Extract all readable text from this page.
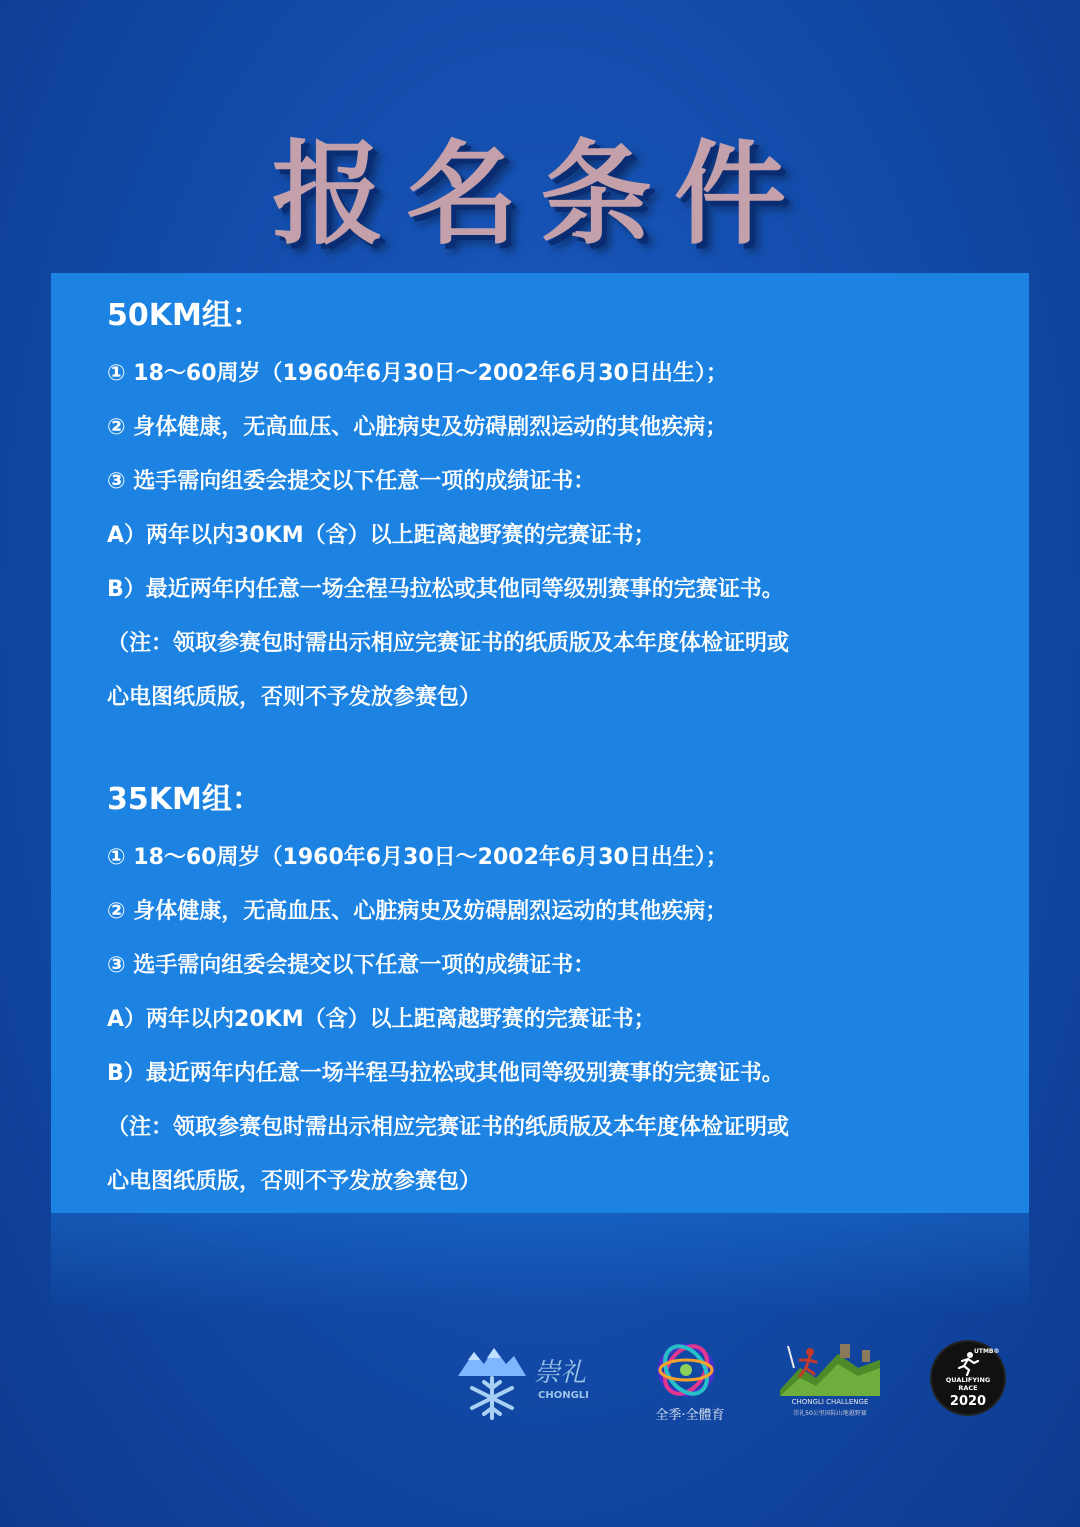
报名条件
50KM组：
① 18～60周岁（1960年6月30日～2002年6月30日出生）；
② 身体健康，无高血压、心脏病史及妨碍剧烈运动的其他疾病；
③ 选手需向组委会提交以下任意一项的成绩证书：
A）两年以内30KM（含）以上距离越野赛的完赛证书；
B）最近两年内任意一场全程马拉松或其他同等级别赛事的完赛证书。
（注：领取参赛包时需出示相应完赛证书的纸质版及本年度体检证明或
心电图纸质版，否则不予发放参赛包）
35KM组：
① 18～60周岁（1960年6月30日～2002年6月30日出生）；
② 身体健康，无高血压、心脏病史及妨碍剧烈运动的其他疾病；
③ 选手需向组委会提交以下任意一项的成绩证书：
A）两年以内20KM（含）以上距离越野赛的完赛证书；
B）最近两年内任意一场半程马拉松或其他同等级别赛事的完赛证书。
（注：领取参赛包时需出示相应完赛证书的纸质版及本年度体检证明或
心电图纸质版，否则不予发放参赛包）
崇礼
CHONGLI
全季·全體育
CHONGLI CHALLENGE
崇礼50公里国际山地越野赛
UTMB®
QUALIFYING
RACE
2020
